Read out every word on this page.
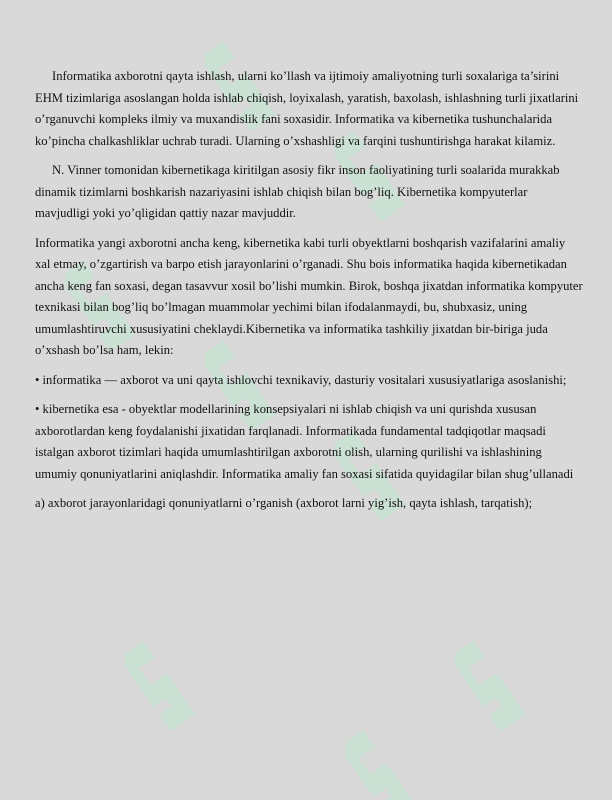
Informatika axborotni qayta ishlash, ularni ko’llash va ijtimoiy amaliyotning turli soxalariga ta’sirini EHM tizimlariga asoslangan holda ishlab chiqish, loyixalash, yaratish, baxolash, ishlashning turli jixatlarini o’rganuvchi kompleks ilmiy va muxandislik fani soxasidir. Informatika va kibernetika tushunchalarida ko’pincha chalkashliklar uchrab turadi. Ularning o’xshashligi va farqini tushuntirishga harakat kilamiz.

N. Vinner tomonidan kibernetikaga kiritilgan asosiy fikr inson faoliyatining turli soalarida murakkab dinamik tizimlarni boshkarish nazariyasini ishlab chiqish bilan bog’liq. Kibernetika kompyuterlar mavjudligi yoki yo’qligidan qattiy nazar mavjuddir.

Informatika yangi axborotni ancha keng, kibernetika kabi turli obyektlarni boshqarish vazifalarini amaliy xal etmay, o’zgartirish va barpo etish jarayonlarini o’rganadi. Shu bois informatika haqida kibernetikadan ancha keng fan soxasi, degan tasavvur xosil bo’lishi mumkin. Birok, boshqa jixatdan informatika kompyuter texnikasi bilan bog’liq bo’lmagan muammolar yechimi bilan ifodalanmaydi, bu, shubxasiz, uning umumlashtiruvchi xususiyatini cheklaydi.Kibernetika va informatika tashkiliy jixatdan bir-biriga juda o’xshash bo’lsa ham, lekin:

• informatika — axborot va uni qayta ishlovchi texnikaviy, dasturiy vositalari xususiyatlariga asoslanishi;

• kibernetika esa - obyektlar modellarining konsepsiyalari ni ishlab chiqish va uni qurishda xususan axborotlardan keng foydalanishi jixatidan farqlanadi. Informatikada fundamental tadqiqotlar maqsadi istalgan axborot tizimlari haqida umumlashtirilgan axborotni olish, ularning qurilishi va ishlashining umumiy qonuniyatlarini aniqlashdir. Informatika amaliy fan soxasi sifatida quyidagilar bilan shug’ullanadi

a) axborot jarayonlaridagi qonuniyatlarni o’rganish (axborot larni yig’ish, qayta ishlash, tarqatish);
